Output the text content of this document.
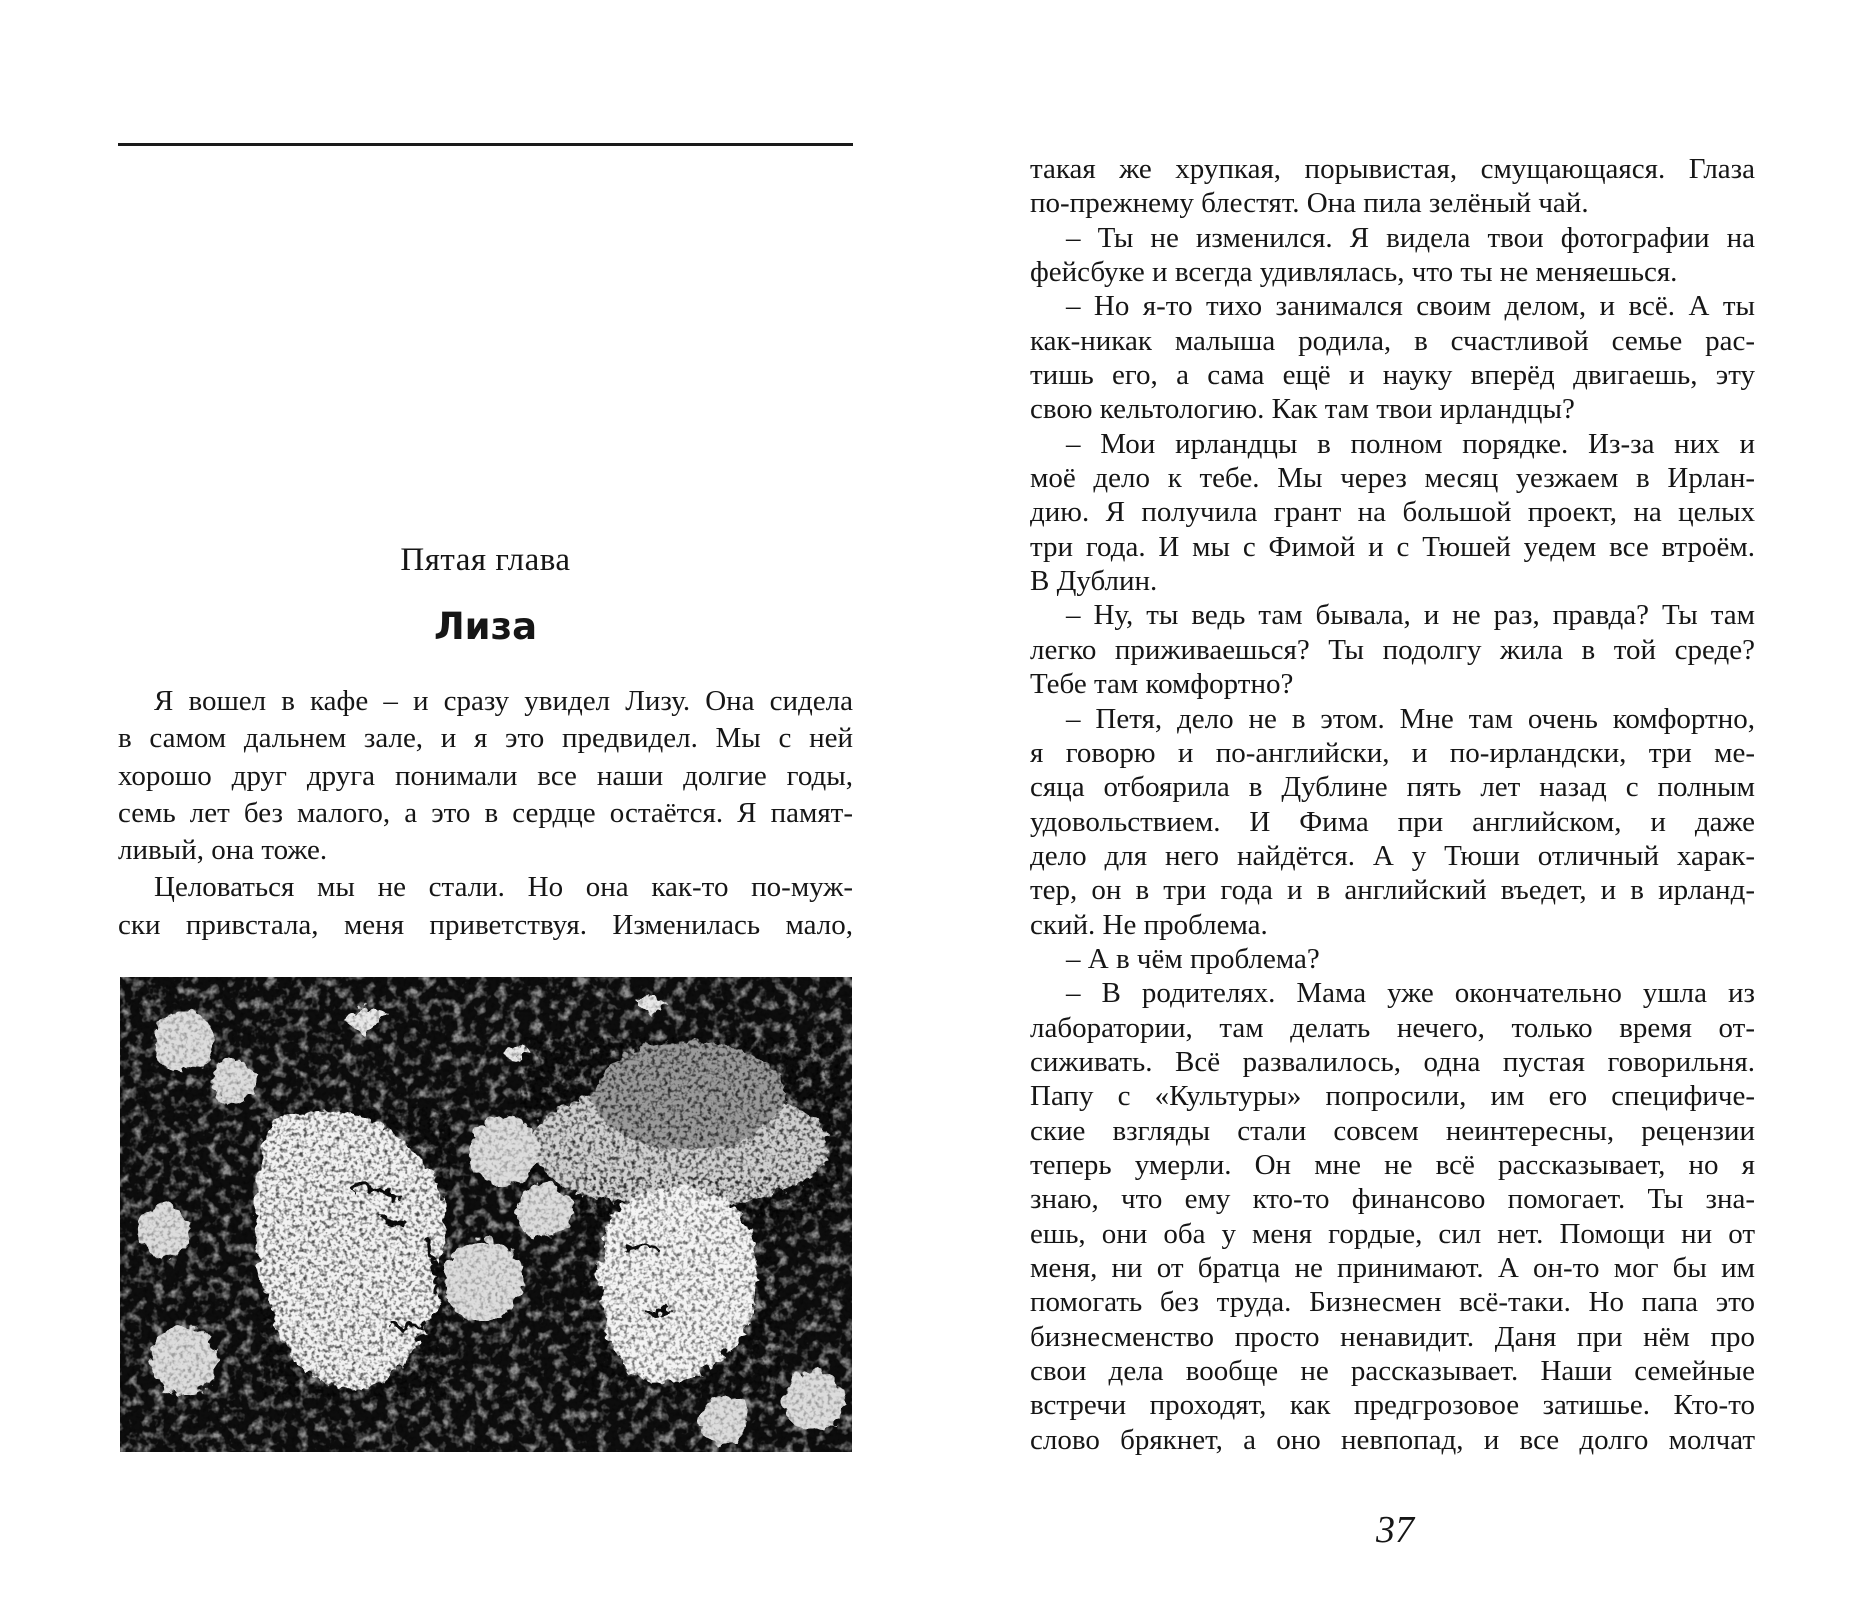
Пятая глава
Лиза
Я вошел в кафе – и сразу увидел Лизу. Она сидела
в самом дальнем зале, и я это предвидел. Мы с ней
хорошо друг друга понимали все наши долгие годы,
семь лет без малого, а это в сердце остаётся. Я памят-
ливый, она тоже.
Целоваться мы не стали. Но она как-то по-муж-
ски привстала, меня приветствуя. Изменилась мало,
такая же хрупкая, порывистая, смущающаяся. Глаза
по-прежнему блестят. Она пила зелёный чай.
– Ты не изменился. Я видела твои фотографии на
фейсбуке и всегда удивлялась, что ты не меняешься.
– Но я-то тихо занимался своим делом, и всё. А ты
как-никак малыша родила, в счастливой семье рас-
тишь его, а сама ещё и науку вперёд двигаешь, эту
свою кельтологию. Как там твои ирландцы?
– Мои ирландцы в полном порядке. Из-за них и
моё дело к тебе. Мы через месяц уезжаем в Ирлан-
дию. Я получила грант на большой проект, на целых
три года. И мы с Фимой и с Тюшей уедем все втроём.
В Дублин.
– Ну, ты ведь там бывала, и не раз, правда? Ты там
легко приживаешься? Ты подолгу жила в той среде?
Тебе там комфортно?
– Петя, дело не в этом. Мне там очень комфортно,
я говорю и по-английски, и по-ирландски, три ме-
сяца отбоярила в Дублине пять лет назад с полным
удовольствием. И Фима при английском, и даже
дело для него найдётся. А у Тюши отличный харак-
тер, он в три года и в английский въедет, и в ирланд-
ский. Не проблема.
– А в чём проблема?
– В родителях. Мама уже окончательно ушла из
лаборатории, там делать нечего, только время от-
сиживать. Всё развалилось, одна пустая говорильня.
Папу с «Культуры» попросили, им его специфиче-
ские взгляды стали совсем неинтересны, рецензии
теперь умерли. Он мне не всё рассказывает, но я
знаю, что ему кто-то финансово помогает. Ты зна-
ешь, они оба у меня гордые, сил нет. Помощи ни от
меня, ни от братца не принимают. А он-то мог бы им
помогать без труда. Бизнесмен всё-таки. Но папа это
бизнесменство просто ненавидит. Даня при нём про
свои дела вообще не рассказывает. Наши семейные
встречи проходят, как предгрозовое затишье. Кто-то
слово брякнет, а оно невпопад, и все долго молчат
37
